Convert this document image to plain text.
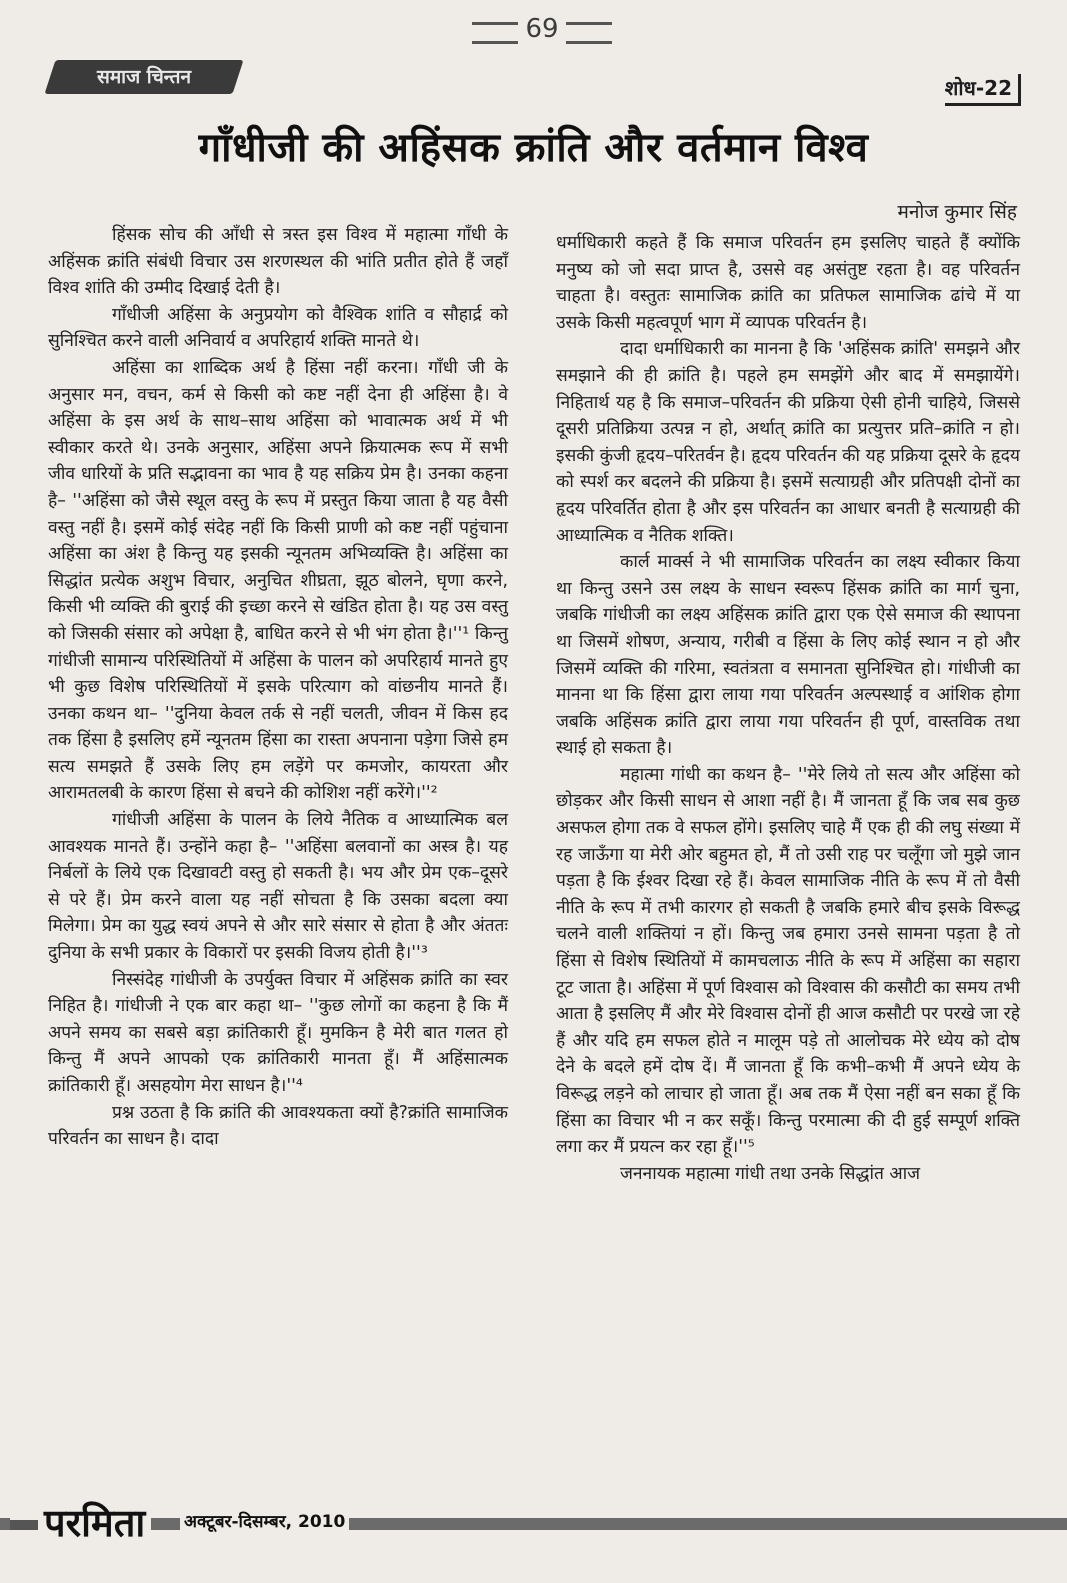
69
समाज चिन्तन	शोध-22
गाँधीजी की अहिंसक क्रांति और वर्तमान विश्व
मनोज कुमार सिंह

हिंसक सोच की आँधी से त्रस्त इस विश्व में महात्मा गाँधी के अहिंसक क्रांति संबंधी विचार उस शरणस्थल की भांति प्रतीत होते हैं जहाँ विश्व शांति की उम्मीद दिखाई देती है।

गाँधीजी अहिंसा के अनुप्रयोग को वैश्विक शांति व सौहार्द्र को सुनिश्चित करने वाली अनिवार्य व अपरिहार्य शक्ति मानते थे।

अहिंसा का शाब्दिक अर्थ है हिंसा नहीं करना। गाँधी जी के अनुसार मन, वचन, कर्म से किसी को कष्ट नहीं देना ही अहिंसा है। वे अहिंसा के इस अर्थ के साथ–साथ अहिंसा को भावात्मक अर्थ में भी स्वीकार करते थे। उनके अनुसार, अहिंसा अपने क्रियात्मक रूप में सभी जीव धारियों के प्रति सद्भावना का भाव है यह सक्रिय प्रेम है। उनका कहना है– ''अहिंसा को जैसे स्थूल वस्तु के रूप में प्रस्तुत किया जाता है यह वैसी वस्तु नहीं है। इसमें कोई संदेह नहीं कि किसी प्राणी को कष्ट नहीं पहुंचाना अहिंसा का अंश है किन्तु यह इसकी न्यूनतम अभिव्यक्ति है। अहिंसा का सिद्धांत प्रत्येक अशुभ विचार, अनुचित शीघ्रता, झूठ बोलने, घृणा करने, किसी भी व्यक्ति की बुराई की इच्छा करने से खंडित होता है। यह उस वस्तु को जिसकी संसार को अपेक्षा है, बाधित करने से भी भंग होता है।''¹ किन्तु गांधीजी सामान्य परिस्थितियों में अहिंसा के पालन को अपरिहार्य मानते हुए भी कुछ विशेष परिस्थितियों में इसके परित्याग को वांछनीय मानते हैं। उनका कथन था– ''दुनिया केवल तर्क से नहीं चलती, जीवन में किस हद तक हिंसा है इसलिए हमें न्यूनतम हिंसा का रास्ता अपनाना पड़ेगा जिसे हम सत्य समझते हैं उसके लिए हम लड़ेंगे पर कमजोर, कायरता और आरामतलबी के कारण हिंसा से बचने की कोशिश नहीं करेंगे।''²

गांधीजी अहिंसा के पालन के लिये नैतिक व आध्यात्मिक बल आवश्यक मानते हैं। उन्होंने कहा है– ''अहिंसा बलवानों का अस्त्र है। यह निर्बलों के लिये एक दिखावटी वस्तु हो सकती है। भय और प्रेम एक–दूसरे से परे हैं। प्रेम करने वाला यह नहीं सोचता है कि उसका बदला क्या मिलेगा। प्रेम का युद्ध स्वयं अपने से और सारे संसार से होता है और अंततः दुनिया के सभी प्रकार के विकारों पर इसकी विजय होती है।''³

निस्संदेह गांधीजी के उपर्युक्त विचार में अहिंसक क्रांति का स्वर निहित है। गांधीजी ने एक बार कहा था– ''कुछ लोगों का कहना है कि मैं अपने समय का सबसे बड़ा क्रांतिकारी हूँ। मुमकिन है मेरी बात गलत हो किन्तु मैं अपने आपको एक क्रांतिकारी मानता हूँ। मैं अहिंसात्मक क्रांतिकारी हूँ। असहयोग मेरा साधन है।''⁴

प्रश्न उठता है कि क्रांति की आवश्यकता क्यों है?क्रांति सामाजिक परिवर्तन का साधन है। दादा

धर्माधिकारी कहते हैं कि समाज परिवर्तन हम इसलिए चाहते हैं क्योंकि मनुष्य को जो सदा प्राप्त है, उससे वह असंतुष्ट रहता है। वह परिवर्तन चाहता है। वस्तुतः सामाजिक क्रांति का प्रतिफल सामाजिक ढांचे में या उसके किसी महत्वपूर्ण भाग में व्यापक परिवर्तन है।

दादा धर्माधिकारी का मानना है कि 'अहिंसक क्रांति' समझने और समझाने की ही क्रांति है। पहले हम समझेंगे और बाद में समझायेंगे। निहितार्थ यह है कि समाज–परिवर्तन की प्रक्रिया ऐसी होनी चाहिये, जिससे दूसरी प्रतिक्रिया उत्पन्न न हो, अर्थात् क्रांति का प्रत्युत्तर प्रति–क्रांति न हो। इसकी कुंजी हृदय–परितर्वन है। हृदय परिवर्तन की यह प्रक्रिया दूसरे के हृदय को स्पर्श कर बदलने की प्रक्रिया है। इसमें सत्याग्रही और प्रतिपक्षी दोनों का हृदय परिवर्तित होता है और इस परिवर्तन का आधार बनती है सत्याग्रही की आध्यात्मिक व नैतिक शक्ति।

कार्ल मार्क्स ने भी सामाजिक परिवर्तन का लक्ष्य स्वीकार किया था किन्तु उसने उस लक्ष्य के साधन स्वरूप हिंसक क्रांति का मार्ग चुना, जबकि गांधीजी का लक्ष्य अहिंसक क्रांति द्वारा एक ऐसे समाज की स्थापना था जिसमें शोषण, अन्याय, गरीबी व हिंसा के लिए कोई स्थान न हो और जिसमें व्यक्ति की गरिमा, स्वतंत्रता व समानता सुनिश्चित हो। गांधीजी का मानना था कि हिंसा द्वारा लाया गया परिवर्तन अल्पस्थाई व आंशिक होगा जबकि अहिंसक क्रांति द्वारा लाया गया परिवर्तन ही पूर्ण, वास्तविक तथा स्थाई हो सकता है।

महात्मा गांधी का कथन है– ''मेरे लिये तो सत्य और अहिंसा को छोड़कर और किसी साधन से आशा नहीं है। मैं जानता हूँ कि जब सब कुछ असफल होगा तक वे सफल होंगे। इसलिए चाहे मैं एक ही की लघु संख्या में रह जाऊँगा या मेरी ओर बहुमत हो, मैं तो उसी राह पर चलूँगा जो मुझे जान पड़ता है कि ईश्वर दिखा रहे हैं। केवल सामाजिक नीति के रूप में तो वैसी नीति के रूप में तभी कारगर हो सकती है जबकि हमारे बीच इसके विरूद्ध चलने वाली शक्तियां न हों। किन्तु जब हमारा उनसे सामना पड़ता है तो हिंसा से विशेष स्थितियों में कामचलाऊ नीति के रूप में अहिंसा का सहारा टूट जाता है। अहिंसा में पूर्ण विश्वास को विश्वास की कसौटी का समय तभी आता है इसलिए मैं और मेरे विश्वास दोनों ही आज कसौटी पर परखे जा रहे हैं और यदि हम सफल होते न मालूम पड़े तो आलोचक मेरे ध्येय को दोष देने के बदले हमें दोष दें। मैं जानता हूँ कि कभी–कभी मैं अपने ध्येय के विरूद्ध लड़ने को लाचार हो जाता हूँ। अब तक मैं ऐसा नहीं बन सका हूँ कि हिंसा का विचार भी न कर सकूँ। किन्तु परमात्मा की दी हुई सम्पूर्ण शक्ति लगा कर मैं प्रयत्न कर रहा हूँ।''⁵

जननायक महात्मा गांधी तथा उनके सिद्धांत आज

परमिता	अक्टूबर-दिसम्बर, 2010
